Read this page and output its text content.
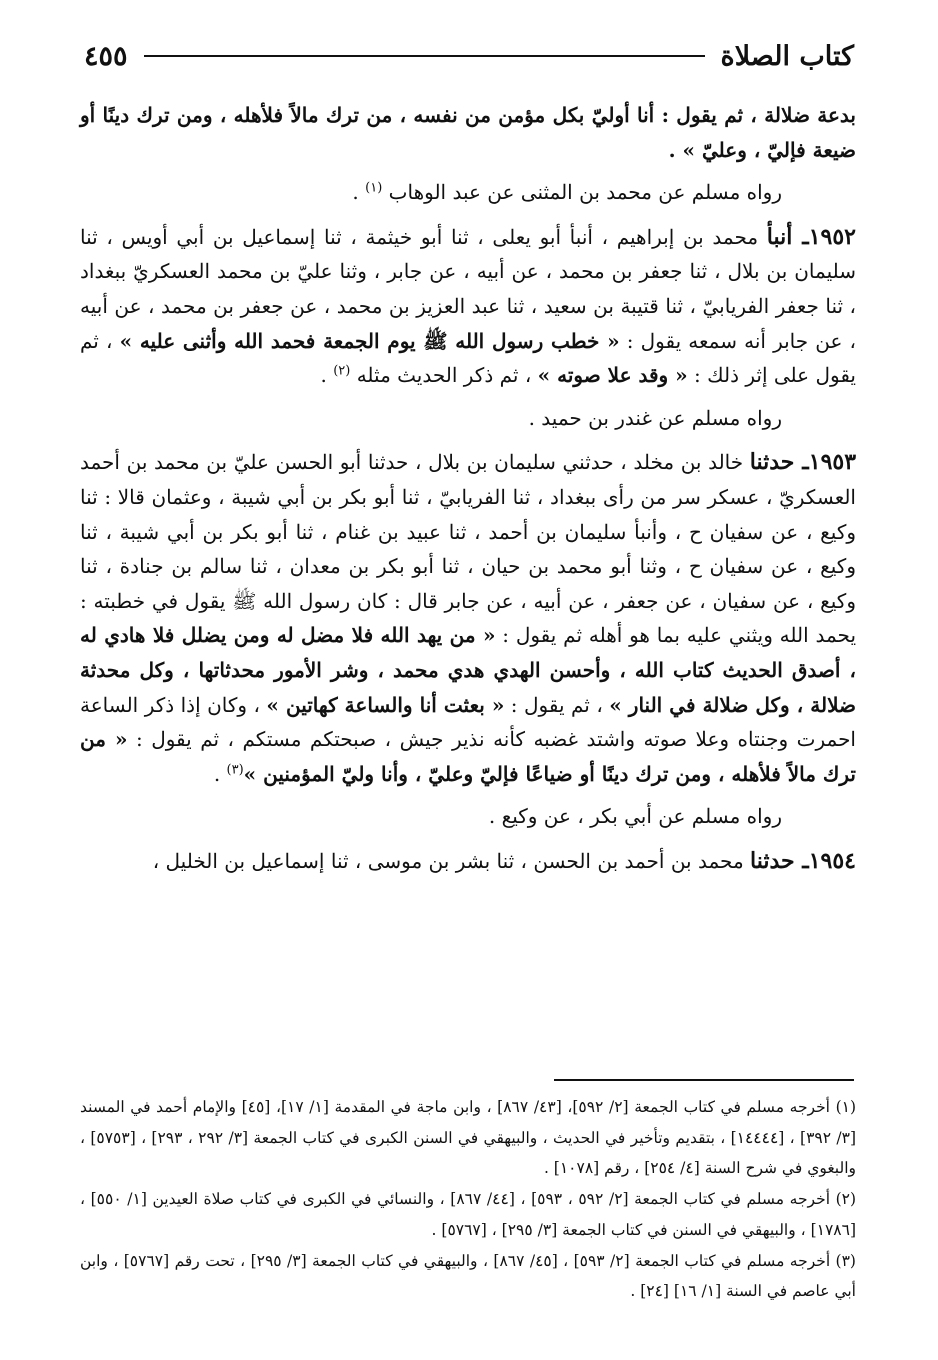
كتاب الصلاة
٤٥٥

بدعة ضلالة ، ثم يقول : أنا أوليّ بكل مؤمن من نفسه ، من ترك مالاً فلأهله ، ومن ترك دينًا أو ضيعة فإليّ ، وعليّ » .

رواه مسلم عن محمد بن المثنى عن عبد الوهاب $^{(١)}$ .

١٩٥٢ـ أنبأ محمد بن إبراهيم ، أنبأ أبو يعلى ، ثنا أبو خيثمة ، ثنا إسماعيل بن أبي أويس ، ثنا سليمان بن بلال ، ثنا جعفر بن محمد ، عن أبيه ، عن جابر ، وثنا عليّ بن محمد العسكريّ ببغداد ، ثنا جعفر الفريابيّ ، ثنا قتيبة بن سعيد ، ثنا عبد العزيز بن محمد ، عن جعفر بن محمد ، عن أبيه ، عن جابر أنه سمعه يقول : « خطب رسول الله ﷺ يوم الجمعة فحمد الله وأثنى عليه » ، ثم يقول على إثر ذلك : « وقد علا صوته » ، ثم ذكر الحديث مثله $^{(٢)}$ .

رواه مسلم عن غندر بن حميد .

١٩٥٣ـ حدثنا خالد بن مخلد ، حدثني سليمان بن بلال ، حدثنا أبو الحسن عليّ بن محمد بن أحمد العسكريّ ، عسكر سر من رأى ببغداد ، ثنا الفريابيّ ، ثنا أبو بكر بن أبي شيبة ، وعثمان قالا : ثنا وكيع ، عن سفيان ح ، وأنبأ سليمان بن أحمد ، ثنا عبيد بن غنام ، ثنا أبو بكر بن أبي شيبة ، ثنا وكيع ، عن سفيان ح ، وثنا أبو محمد بن حيان ، ثنا أبو بكر بن معدان ، ثنا سالم بن جنادة ، ثنا وكيع ، عن سفيان ، عن جعفر ، عن أبيه ، عن جابر قال : كان رسول الله ﷺ يقول في خطبته : يحمد الله ويثني عليه بما هو أهله ثم يقول : « من يهد الله فلا مضل له ومن يضلل فلا هادي له ، أصدق الحديث كتاب الله ، وأحسن الهدي هدي محمد ، وشر الأمور محدثاتها ، وكل محدثة ضلالة ، وكل ضلالة في النار » ، ثم يقول : « بعثت أنا والساعة كهاتين » ، وكان إذا ذكر الساعة احمرت وجنتاه وعلا صوته واشتد غضبه كأنه نذير جيش ، صبحتكم مستكم ، ثم يقول : « من ترك مالاً فلأهله ، ومن ترك دينًا أو ضياعًا فإليّ وعليّ ، وأنا وليّ المؤمنين »$^{(٣)}$ .

رواه مسلم عن أبي بكر ، عن وكيع .

١٩٥٤ـ حدثنا محمد بن أحمد بن الحسن ، ثنا بشر بن موسى ، ثنا إسماعيل بن الخليل ،

(١) أخرجه مسلم في كتاب الجمعة [٢/ ٥٩٢]، [٤٣/ ٨٦٧] ، وابن ماجة في المقدمة [١/ ١٧]، [٤٥] والإمام أحمد في المسند [٣/ ٣٩٢] ، [١٤٤٤٤] ، بتقديم وتأخير في الحديث ، والبيهقي في السنن الكبرى في كتاب الجمعة [٣/ ٢٩٢ ، ٢٩٣] ، [٥٧٥٣] ، والبغوي في شرح السنة [٤/ ٢٥٤] ، رقم [١٠٧٨] .

(٢) أخرجه مسلم في كتاب الجمعة [٢/ ٥٩٢ ، ٥٩٣] ، [٤٤/ ٨٦٧] ، والنسائي في الكبرى في كتاب صلاة العيدين [١/ ٥٥٠] ، [١٧٨٦] ، والبيهقي في السنن في كتاب الجمعة [٣/ ٢٩٥] ، [٥٧٦٧] .

(٣) أخرجه مسلم في كتاب الجمعة [٢/ ٥٩٣] ، [٤٥/ ٨٦٧] ، والبيهقي في كتاب الجمعة [٣/ ٢٩٥] ، تحت رقم [٥٧٦٧] ، وابن أبي عاصم في السنة [١/ ١٦] [٢٤] .
